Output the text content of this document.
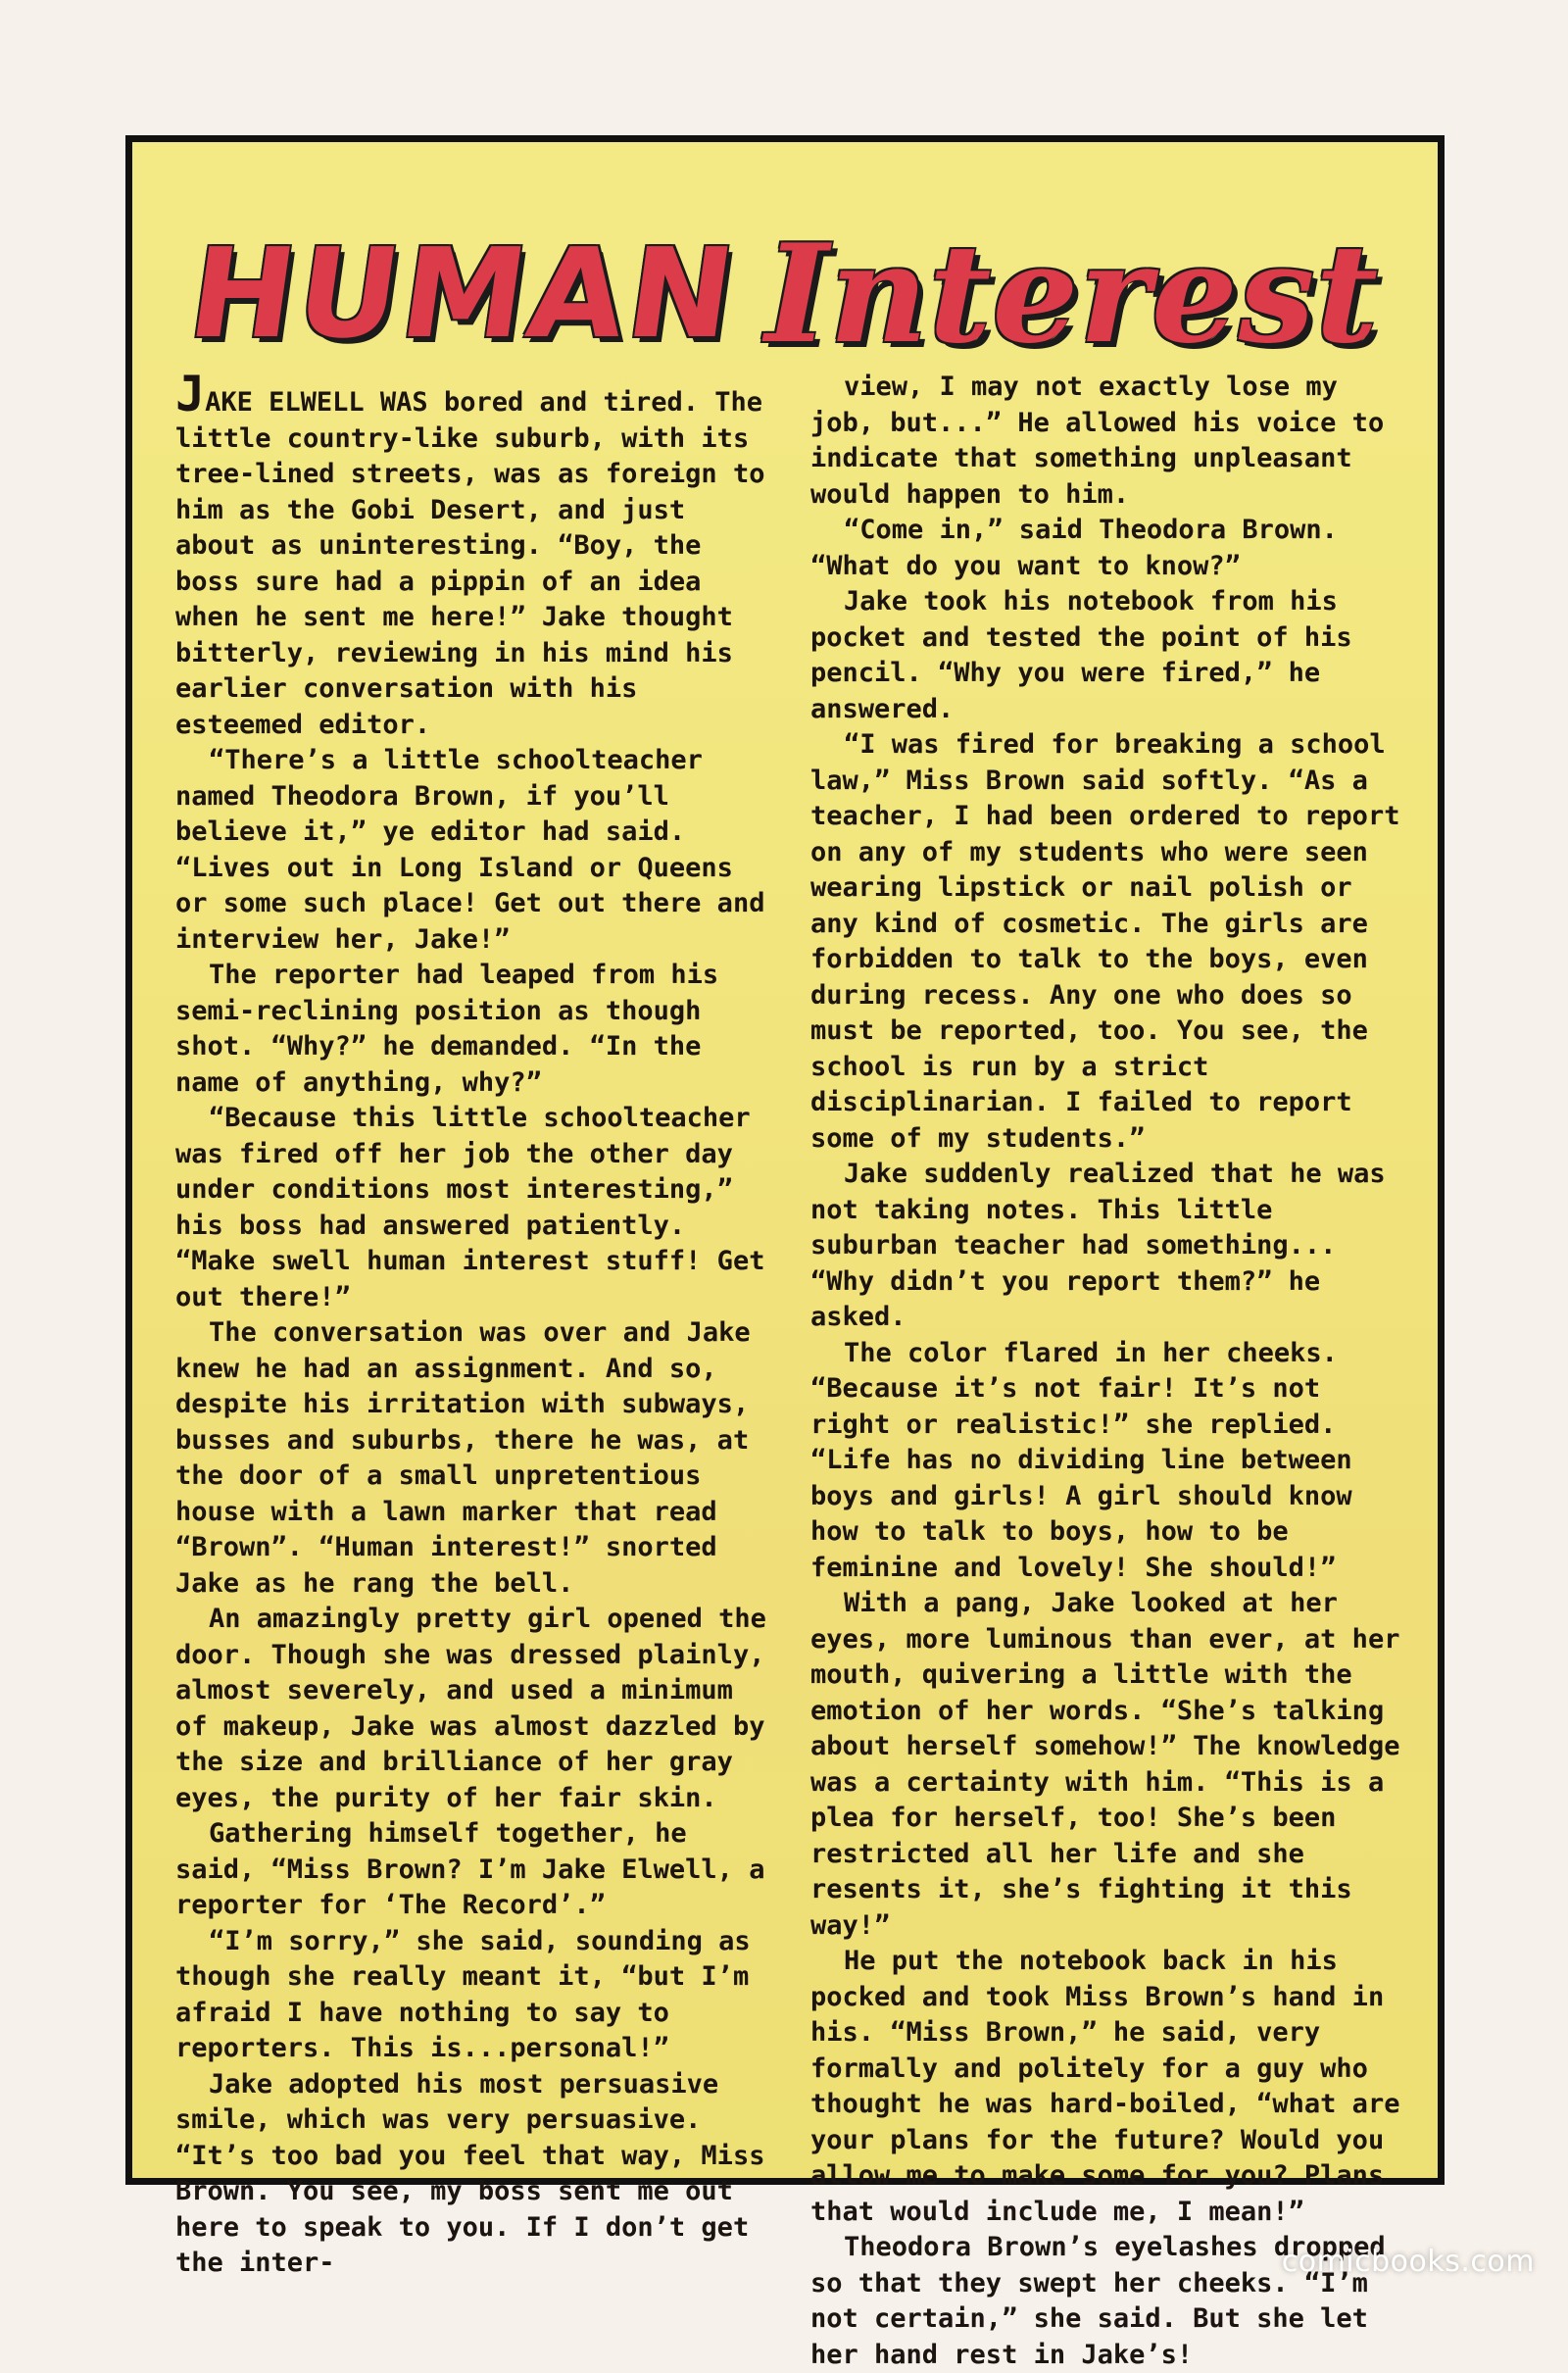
HUMAN Interest

JAKE ELWELL WAS bored and tired. The little country-like suburb, with its tree-lined streets, was as foreign to him as the Gobi Desert, and just about as uninteresting. “Boy, the boss sure had a pippin of an idea when he sent me here!” Jake thought bitterly, reviewing in his mind his earlier conversation with his esteemed editor.

“There’s a little schoolteacher named Theodora Brown, if you’ll believe it,” ye editor had said. “Lives out in Long Island or Queens or some such place! Get out there and interview her, Jake!”

The reporter had leaped from his semi-reclining position as though shot. “Why?” he demanded. “In the name of anything, why?”

“Because this little schoolteacher was fired off her job the other day under conditions most interesting,” his boss had answered patiently. “Make swell human interest stuff! Get out there!”

The conversation was over and Jake knew he had an assignment. And so, despite his irritation with subways, busses and suburbs, there he was, at the door of a small unpretentious house with a lawn marker that read “Brown”. “Human interest!” snorted Jake as he rang the bell.

An amazingly pretty girl opened the door. Though she was dressed plainly, almost severely, and used a minimum of makeup, Jake was almost dazzled by the size and brilliance of her gray eyes, the purity of her fair skin.

Gathering himself together, he said, “Miss Brown? I’m Jake Elwell, a reporter for ‘The Record’.”

“I’m sorry,” she said, sounding as though she really meant it, “but I’m afraid I have nothing to say to reporters. This is...personal!”

Jake adopted his most persuasive smile, which was very persuasive. “It’s too bad you feel that way, Miss Brown. You see, my boss sent me out here to speak to you. If I don’t get the inter-

view, I may not exactly lose my job, but...” He allowed his voice to indicate that something unpleasant would happen to him.

“Come in,” said Theodora Brown. “What do you want to know?”

Jake took his notebook from his pocket and tested the point of his pencil. “Why you were fired,” he answered.

“I was fired for breaking a school law,” Miss Brown said softly. “As a teacher, I had been ordered to report on any of my students who were seen wearing lipstick or nail polish or any kind of cosmetic. The girls are forbidden to talk to the boys, even during recess. Any one who does so must be reported, too. You see, the school is run by a strict disciplinarian. I failed to report some of my students.”

Jake suddenly realized that he was not taking notes. This little suburban teacher had something... “Why didn’t you report them?” he asked.

The color flared in her cheeks. “Because it’s not fair! It’s not right or realistic!” she replied. “Life has no dividing line between boys and girls! A girl should know how to talk to boys, how to be feminine and lovely! She should!”

With a pang, Jake looked at her eyes, more luminous than ever, at her mouth, quivering a little with the emotion of her words. “She’s talking about herself somehow!” The knowledge was a certainty with him. “This is a plea for herself, too! She’s been restricted all her life and she resents it, she’s fighting it this way!”

He put the notebook back in his pocked and took Miss Brown’s hand in his. “Miss Brown,” he said, very formally and politely for a guy who thought he was hard-boiled, “what are your plans for the future? Would you allow me to make some for you? Plans that would include me, I mean!”

Theodora Brown’s eyelashes dropped so that they swept her cheeks. “I’m not certain,” she said. But she let her hand rest in Jake’s!

comicbooks.com
